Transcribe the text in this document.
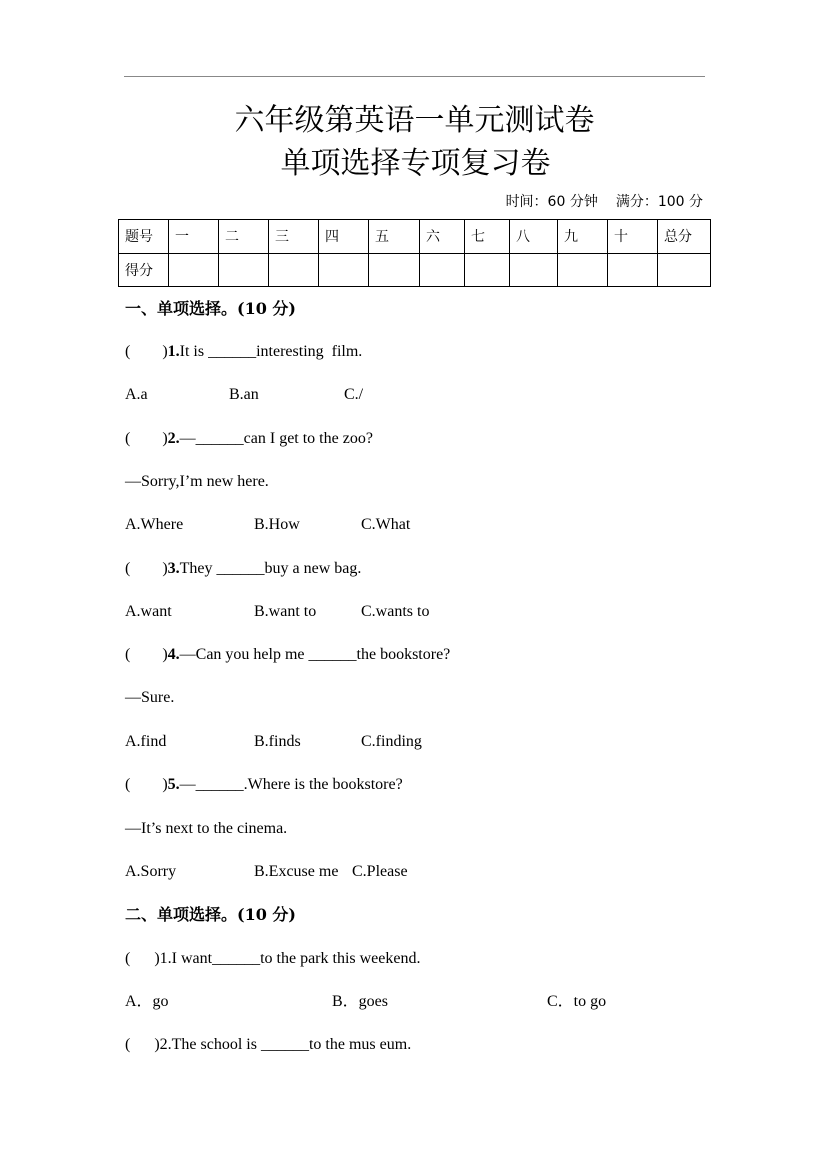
六年级第英语一单元测试卷
单项选择专项复习卷
时间：60 分钟 满分：100 分
题号	一	二	三	四	五	六	七	八	九	十	总分
得分											
一、单项选择。(10 分)
(        )1.It is ______interesting  film.
A.a	B.an	C./
(        )2.—______can I get to the zoo?
—Sorry,I’m new here.
A.Where	B.How	C.What
(        )3.They ______buy a new bag.
A.want	B.want to	C.wants to
(        )4.—Can you help me ______the bookstore?
—Sure.
A.find	B.finds	C.finding
(        )5.—______.Where is the bookstore?
—It’s next to the cinema.
A.Sorry	B.Excuse me C.Please
二、单项选择。(10 分)
(      )1.I want______to the park this weekend.
A．go	B．goes	C．to go
(      )2.The school is ______to the mus eum.
